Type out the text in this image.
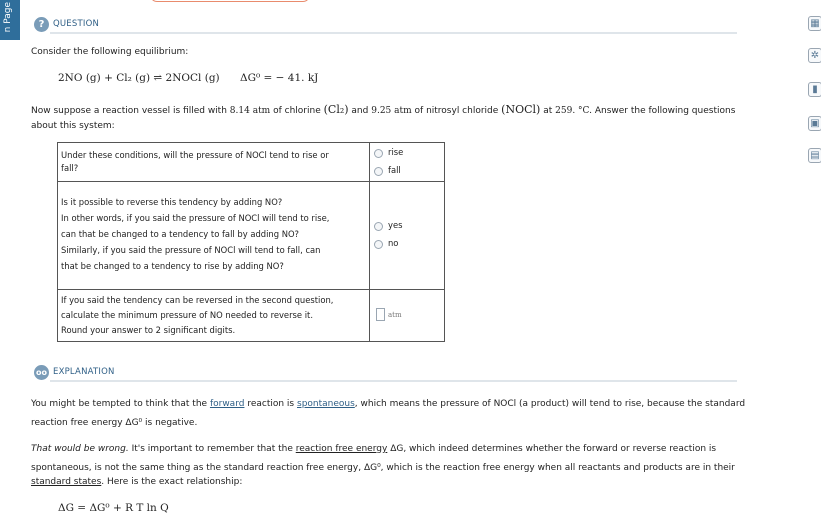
n Page	?	QUESTION
Consider the following equilibrium:
2NO (g) + Cl₂ (g) ⇌ 2NOCl (g) ΔG⁰ = − 41. kJ
Now suppose a reaction vessel is filled with 8.14 atm of chlorine (Cl₂) and 9.25 atm of nitrosyl chloride (NOCl) at 259. °C. Answer the following questions
about this system:
Under these conditions, will the pressure of NOCl tend to rise or
fall?
rise
fall
Is it possible to reverse this tendency by adding NO?
In other words, if you said the pressure of NOCl will tend to rise,
can that be changed to a tendency to fall by adding NO?
Similarly, if you said the pressure of NOCl will tend to fall, can
that be changed to a tendency to rise by adding NO?
yes
no
If you said the tendency can be reversed in the second question,
calculate the minimum pressure of NO needed to reverse it.
Round your answer to 2 significant digits.
atm
oo EXPLANATION
You might be tempted to think that the forward reaction is spontaneous, which means the pressure of NOCl (a product) will tend to rise, because the standard
reaction free energy ΔG⁰ is negative.
That would be wrong. It's important to remember that the reaction free energy ΔG, which indeed determines whether the forward or reverse reaction is
spontaneous, is not the same thing as the standard reaction free energy, ΔG⁰, which is the reaction free energy when all reactants and products are in their
standard states. Here is the exact relationship:
ΔG = ΔG⁰ + R T ln Q
▦
✲
▮
▣
▤
